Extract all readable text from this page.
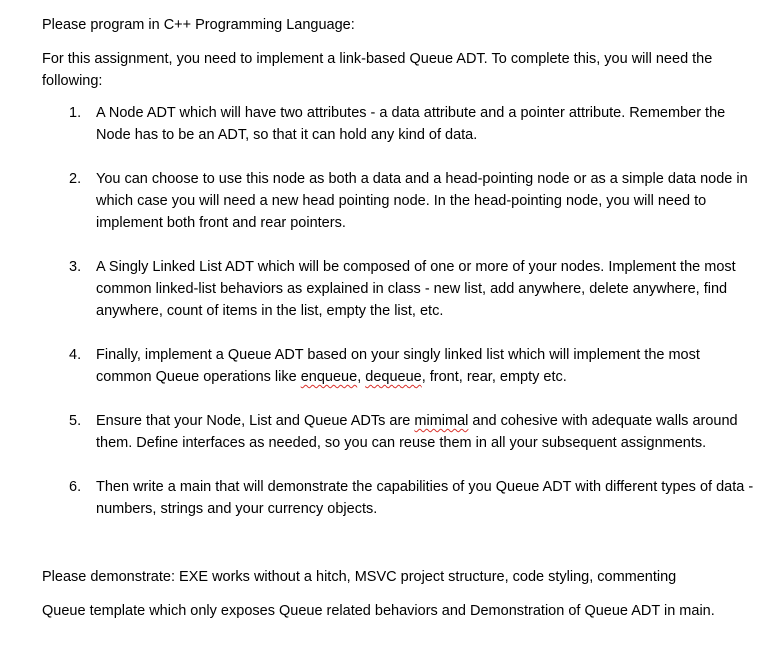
Please program in C++ Programming Language:

For this assignment, you need to implement a link-based Queue ADT. To complete this, you will need the following:

1. A Node ADT which will have two attributes - a data attribute and a pointer attribute. Remember the Node has to be an ADT, so that it can hold any kind of data.
2. You can choose to use this node as both a data and a head-pointing node or as a simple data node in which case you will need a new head pointing node. In the head-pointing node, you will need to implement both front and rear pointers.
3. A Singly Linked List ADT which will be composed of one or more of your nodes. Implement the most common linked-list behaviors as explained in class - new list, add anywhere, delete anywhere, find anywhere, count of items in the list, empty the list, etc.
4. Finally, implement a Queue ADT based on your singly linked list which will implement the most common Queue operations like enqueue, dequeue, front, rear, empty etc.
5. Ensure that your Node, List and Queue ADTs are mimimal and cohesive with adequate walls around them. Define interfaces as needed, so you can reuse them in all your subsequent assignments.
6. Then write a main that will demonstrate the capabilities of you Queue ADT with different types of data - numbers, strings and your currency objects.

Please demonstrate: EXE works without a hitch, MSVC project structure, code styling, commenting

Queue template which only exposes Queue related behaviors and Demonstration of Queue ADT in main.
